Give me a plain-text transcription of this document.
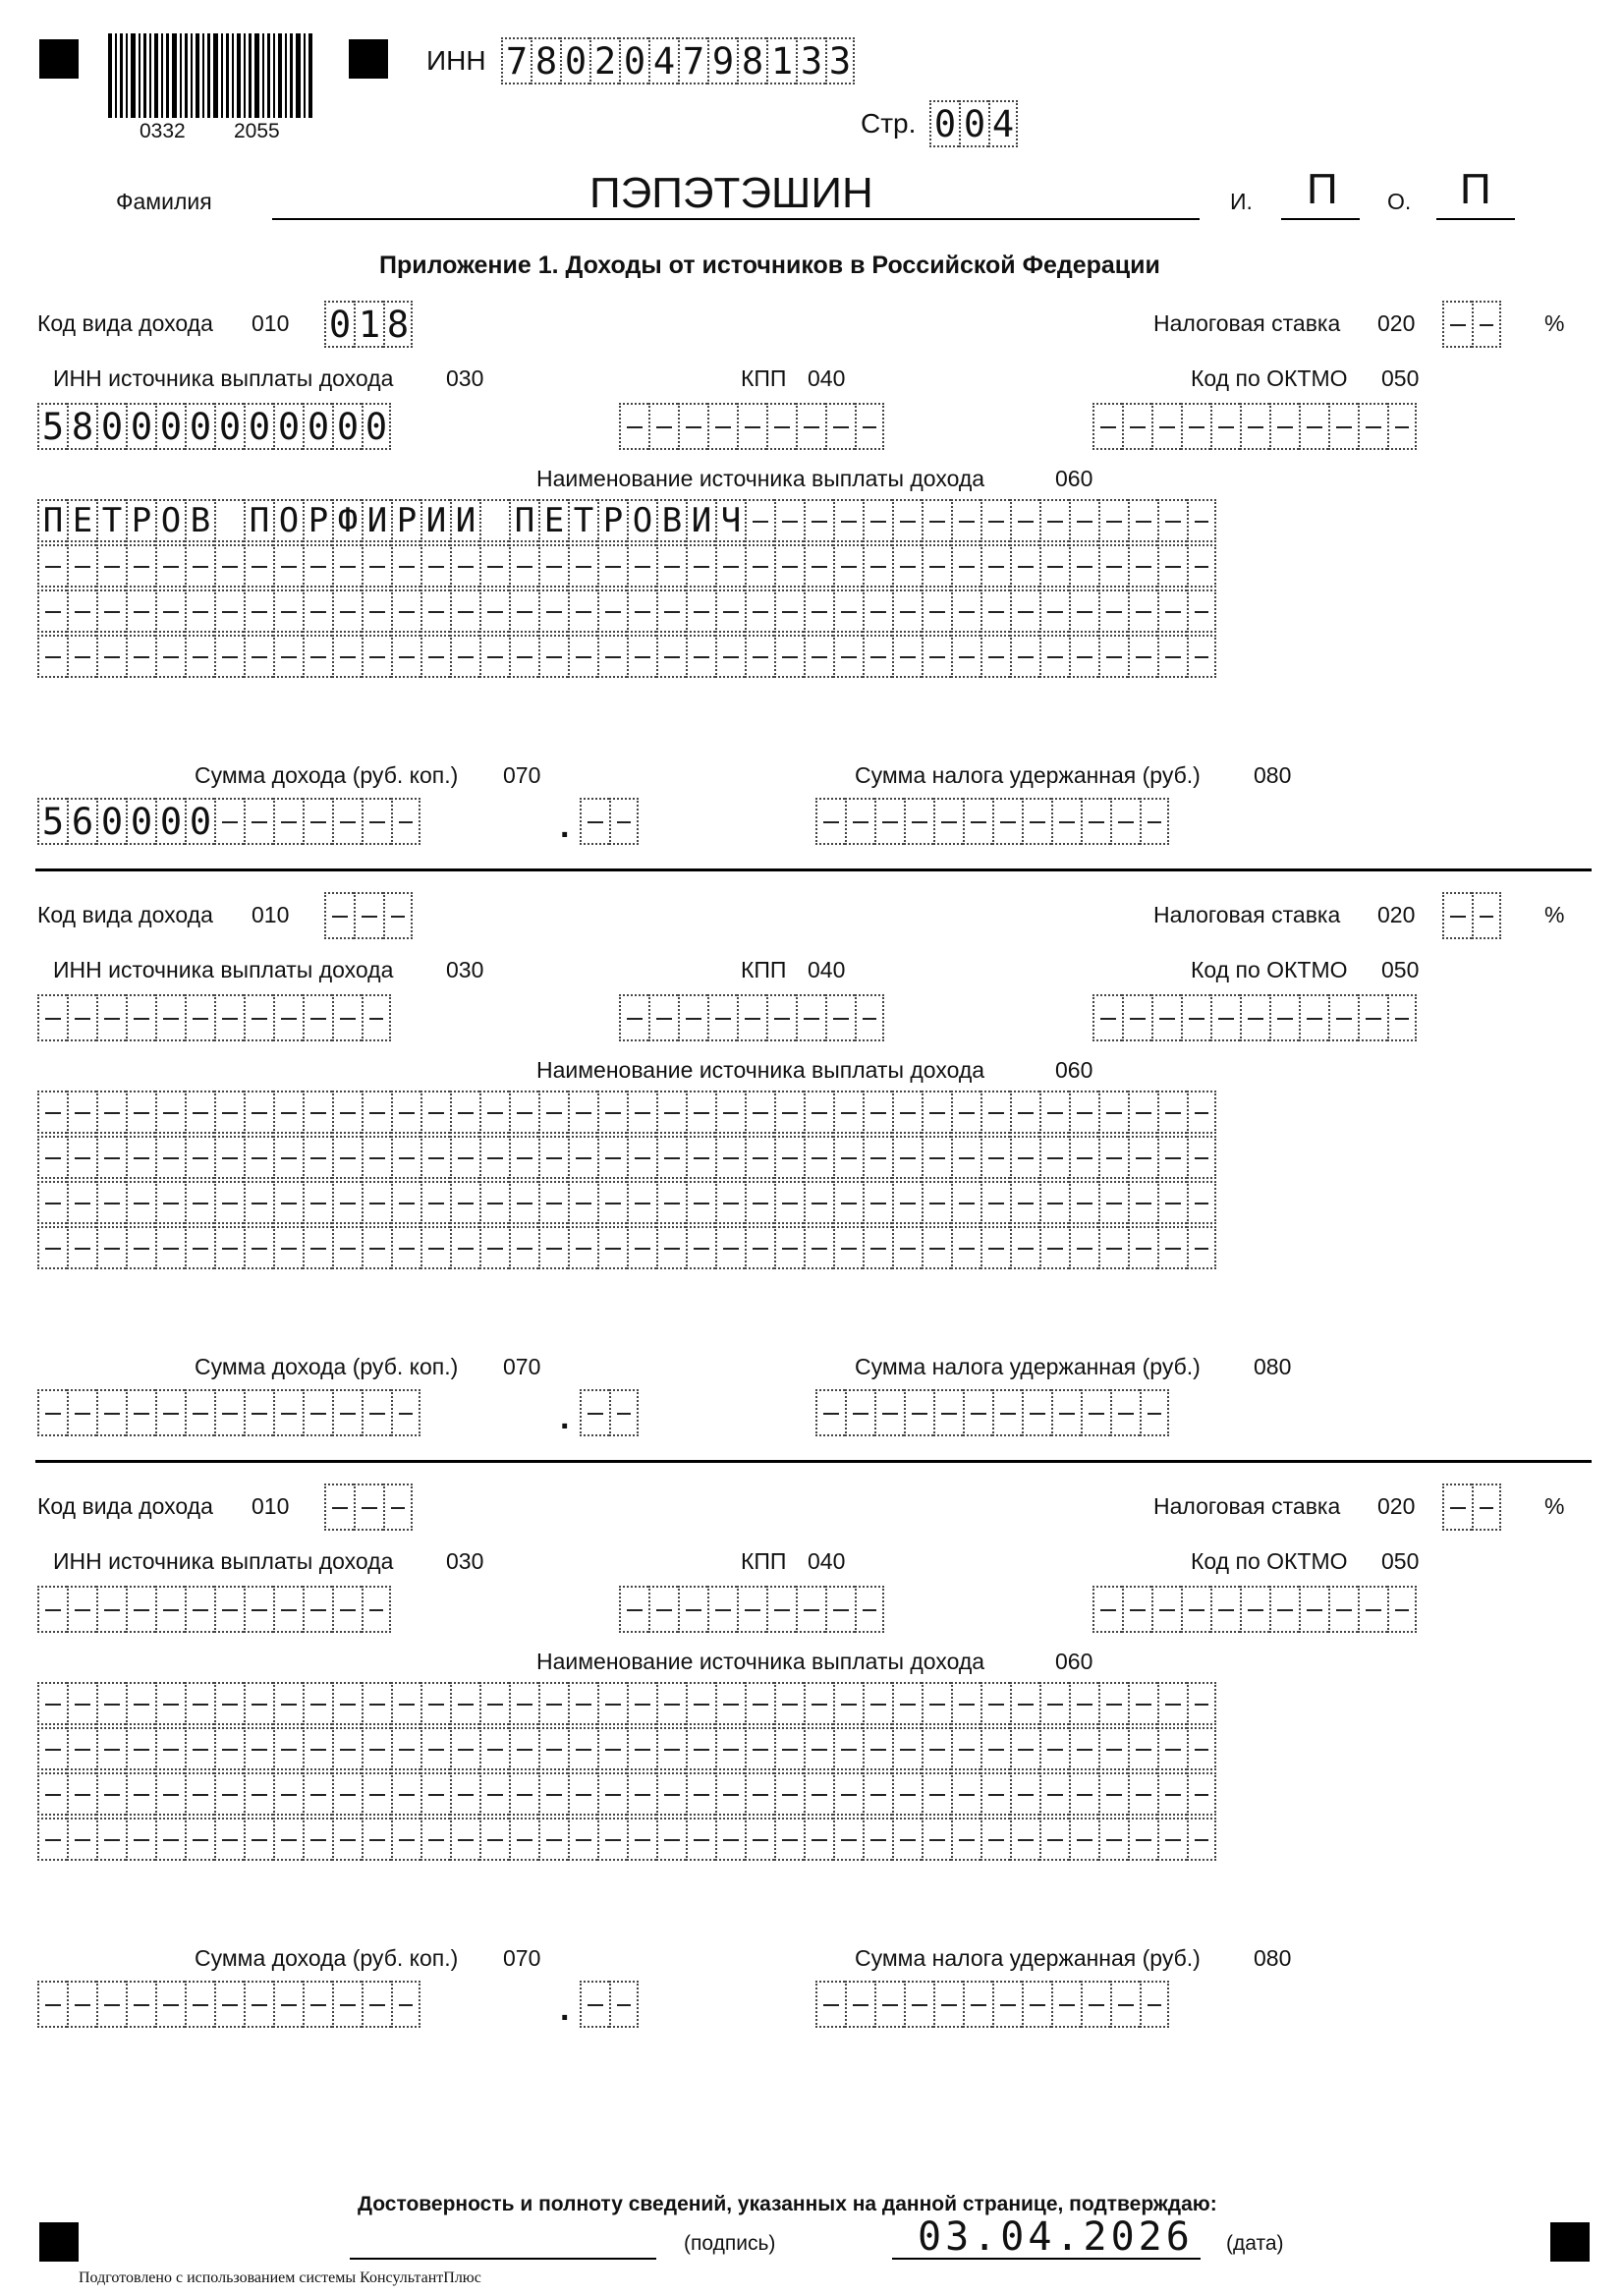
0332 2055
ИНН 7 8 0 2 0 4 7 9 8 1 3 3
Стр. 0 0 4
Фамилия	ПЭПЭТЭШИН	И. П О. П
Приложение 1. Доходы от источников в Российской Федерации
Код вида дохода 010 0 1 8	Налоговая ставка 020	%
ИНН источника выплаты дохода 030
5 8 0 0 0 0 0 0 0 0 0 0
КПП 040	Код по ОКТМО 050
Наименование источника выплаты дохода	060
П Е Т Р О В П О Р Ф И Р И И П Е Т Р О В И Ч
Сумма дохода (руб. коп.) 070
5 6 0 0 0 0	.
Сумма налога удержанная (руб.) 080
Код вида дохода 010	Налоговая ставка 020	%
ИНН источника выплаты дохода 030	КПП 040	Код по ОКТМО 050
Наименование источника выплаты дохода	060
Сумма дохода (руб. коп.) 070
.
Сумма налога удержанная (руб.) 080
Код вида дохода 010	Налоговая ставка 020	%
ИНН источника выплаты дохода 030	КПП 040	Код по ОКТМО 050
Наименование источника выплаты дохода	060
Сумма дохода (руб. коп.) 070
.
Сумма налога удержанная (руб.) 080
Достоверность и полноту сведений, указанных на данной странице, подтверждаю:
(подпись)	03.04.2026 (дата)
Подготовлено с использованием системы КонсультантПлюс
